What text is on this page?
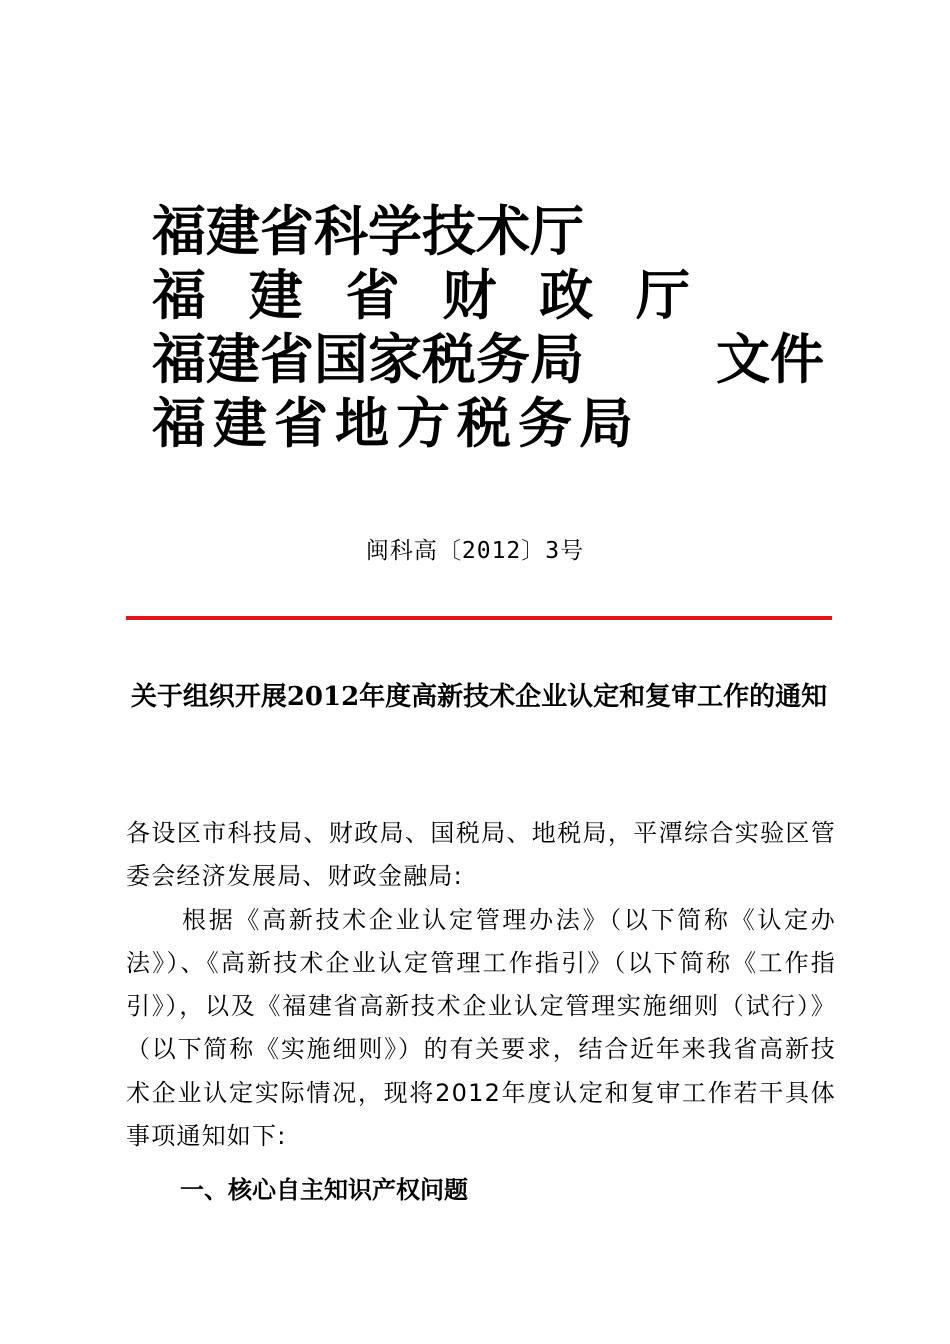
福建省科学技术厅
福 建 省 财 政 厅
福建省国家税务局 文件
福建省地方税务局
闽科高〔2012〕3号
关于组织开展2012年度高新技术企业认定和复审工作的通知

各设区市科技局、财政局、国税局、地税局，平潭综合实验区管委会经济发展局、财政金融局:

根据《高新技术企业认定管理办法》（以下简称《认定办法》）、《高新技术企业认定管理工作指引》（以下简称《工作指引》），以及《福建省高新技术企业认定管理实施细则（试行）》（以下简称《实施细则》）的有关要求，结合近年来我省高新技术企业认定实际情况，现将2012年度认定和复审工作若干具体事项通知如下:

一、核心自主知识产权问题
